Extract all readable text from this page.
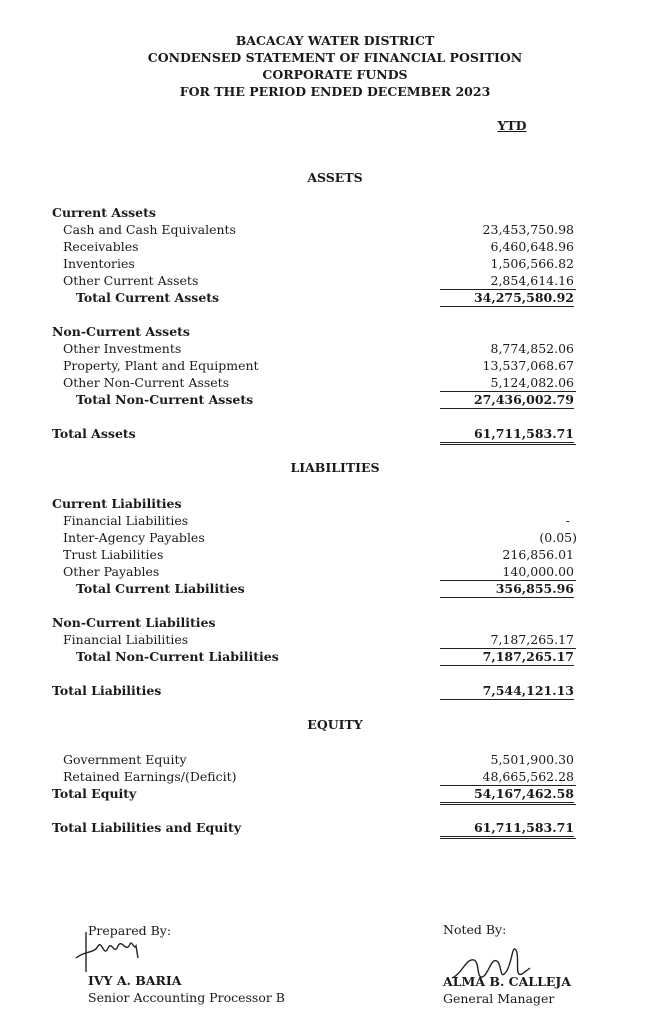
BACACAY WATER DISTRICT
CONDENSED STATEMENT OF FINANCIAL POSITION
CORPORATE FUNDS
FOR THE PERIOD ENDED DECEMBER 2023
YTD
ASSETS
Current Assets
Cash and Cash Equivalents	23,453,750.98
Receivables	6,460,648.96
Inventories	1,506,566.82
Other Current Assets	2,854,614.16
Total Current Assets	34,275,580.92
Non-Current Assets
Other Investments	8,774,852.06
Property, Plant and Equipment	13,537,068.67
Other Non-Current Assets	5,124,082.06
Total Non-Current Assets	27,436,002.79
Total Assets	61,711,583.71
LIABILITIES
Current Liabilities
Financial Liabilities	-
Inter-Agency Payables	(0.05)
Trust Liabilities	216,856.01
Other Payables	140,000.00
Total Current Liabilities	356,855.96
Non-Current Liabilities
Financial Liabilities	7,187,265.17
Total Non-Current Liabilities	7,187,265.17
Total Liabilities	7,544,121.13
EQUITY
Government Equity	5,501,900.30
Retained Earnings/(Deficit)	48,665,562.28
Total Equity	54,167,462.58
Total Liabilities and Equity	61,711,583.71
Prepared By:
IVY A. BARIA
Senior Accounting Processor B
Noted By:
ALMA B. CALLEJA
General Manager
